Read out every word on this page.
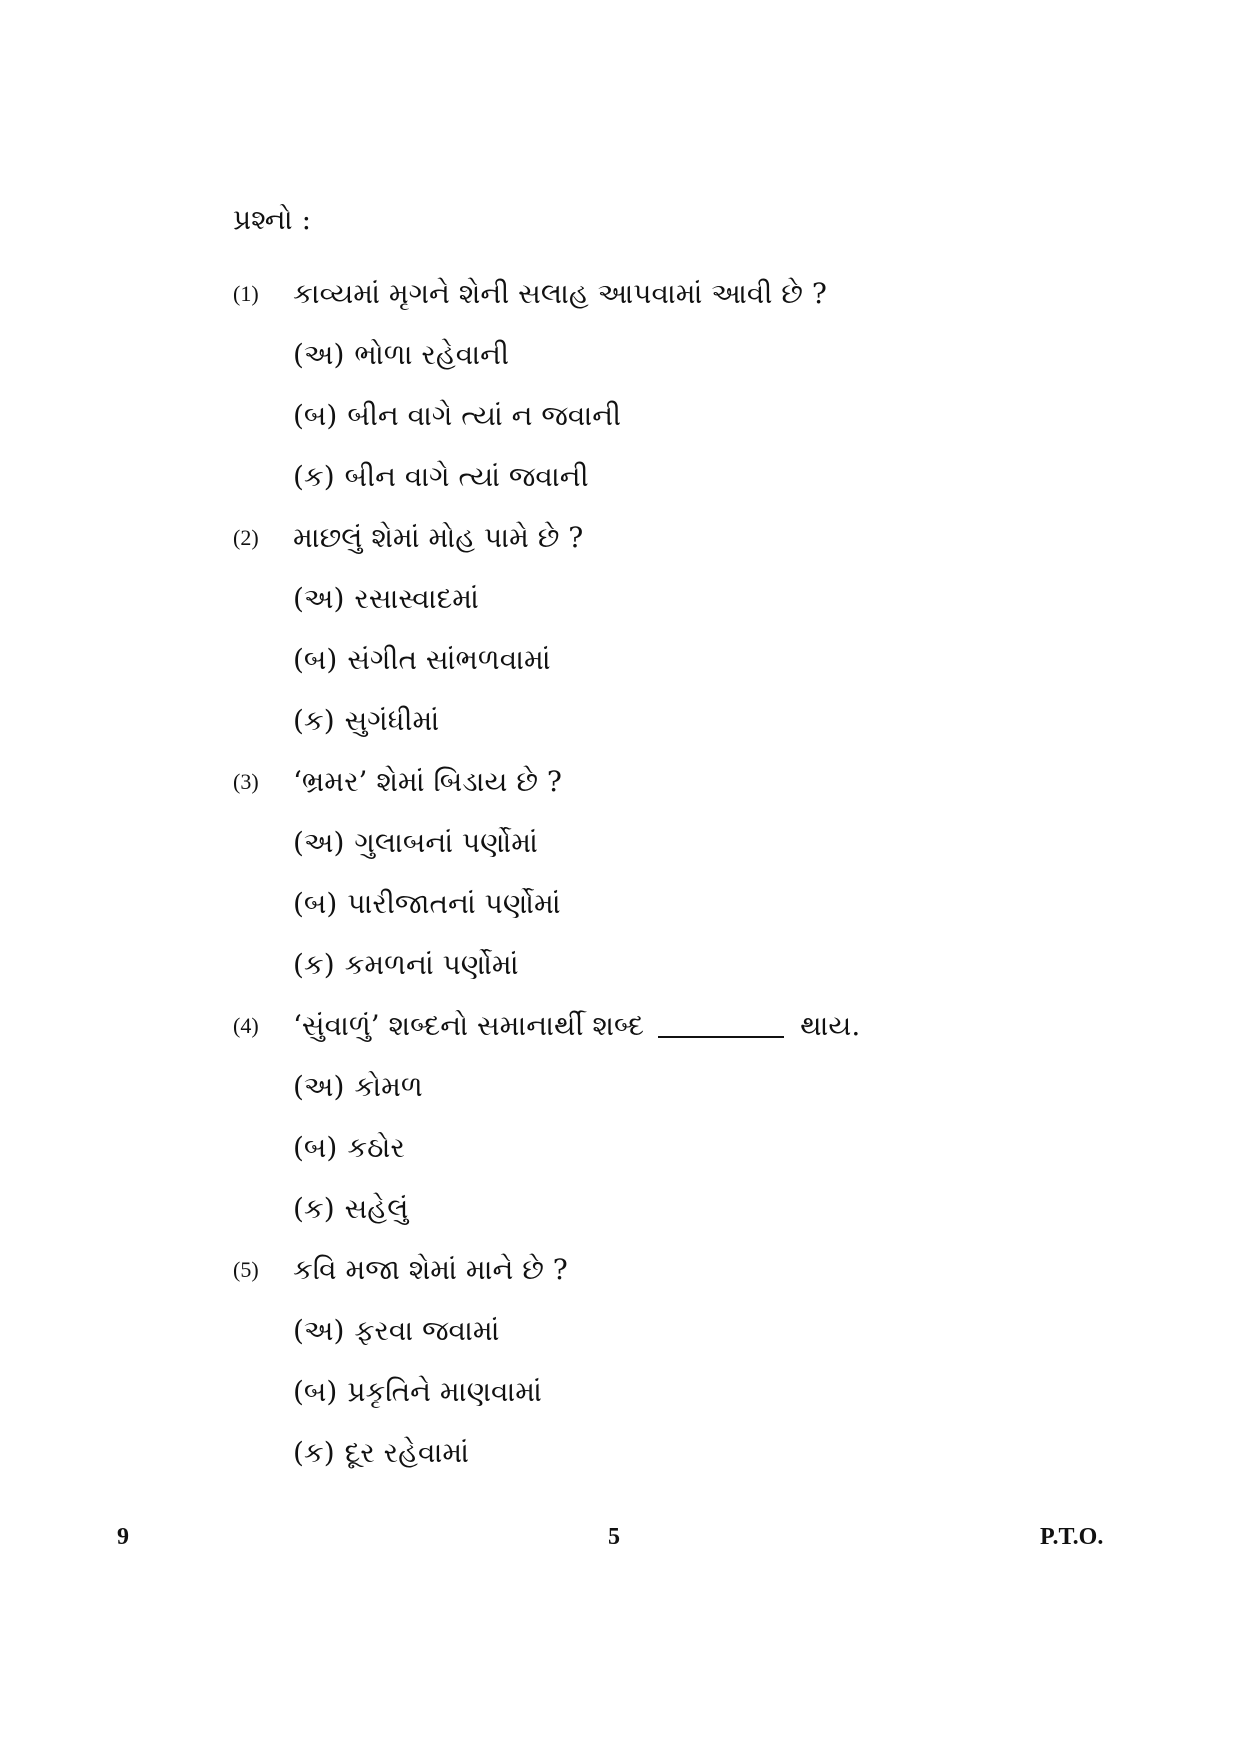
પ્રશ્નો :
(1)	કાવ્યમાં મૃગને શેની સલાહ આપવામાં આવી છે ?
(અ) ભોળા રહેવાની
(બ) બીન વાગે ત્યાં ન જવાની
(ક) બીન વાગે ત્યાં જવાની
(2)	માછલું શેમાં મોહ પામે છે ?
(અ) રસાસ્વાદમાં
(બ) સંગીત સાંભળવામાં
(ક) સુગંધીમાં
(3)	‘ભ્રમર’ શેમાં બિડાય છે ?
(અ) ગુલાબનાં પર્ણોમાં
(બ) પારીજાતનાં પર્ણોમાં
(ક) કમળનાં પર્ણોમાં
(4)	‘સુંવાળું’ શબ્દનો સમાનાર્થી શબ્દ	થાય.
(અ) કોમળ
(બ) કઠોર
(ક) સહેલું
(5)	કવિ મજા શેમાં માને છે ?
(અ) ફરવા જવામાં
(બ) પ્રકૃતિને માણવામાં
(ક) દૂર રહેવામાં
9	5	P.T.O.
